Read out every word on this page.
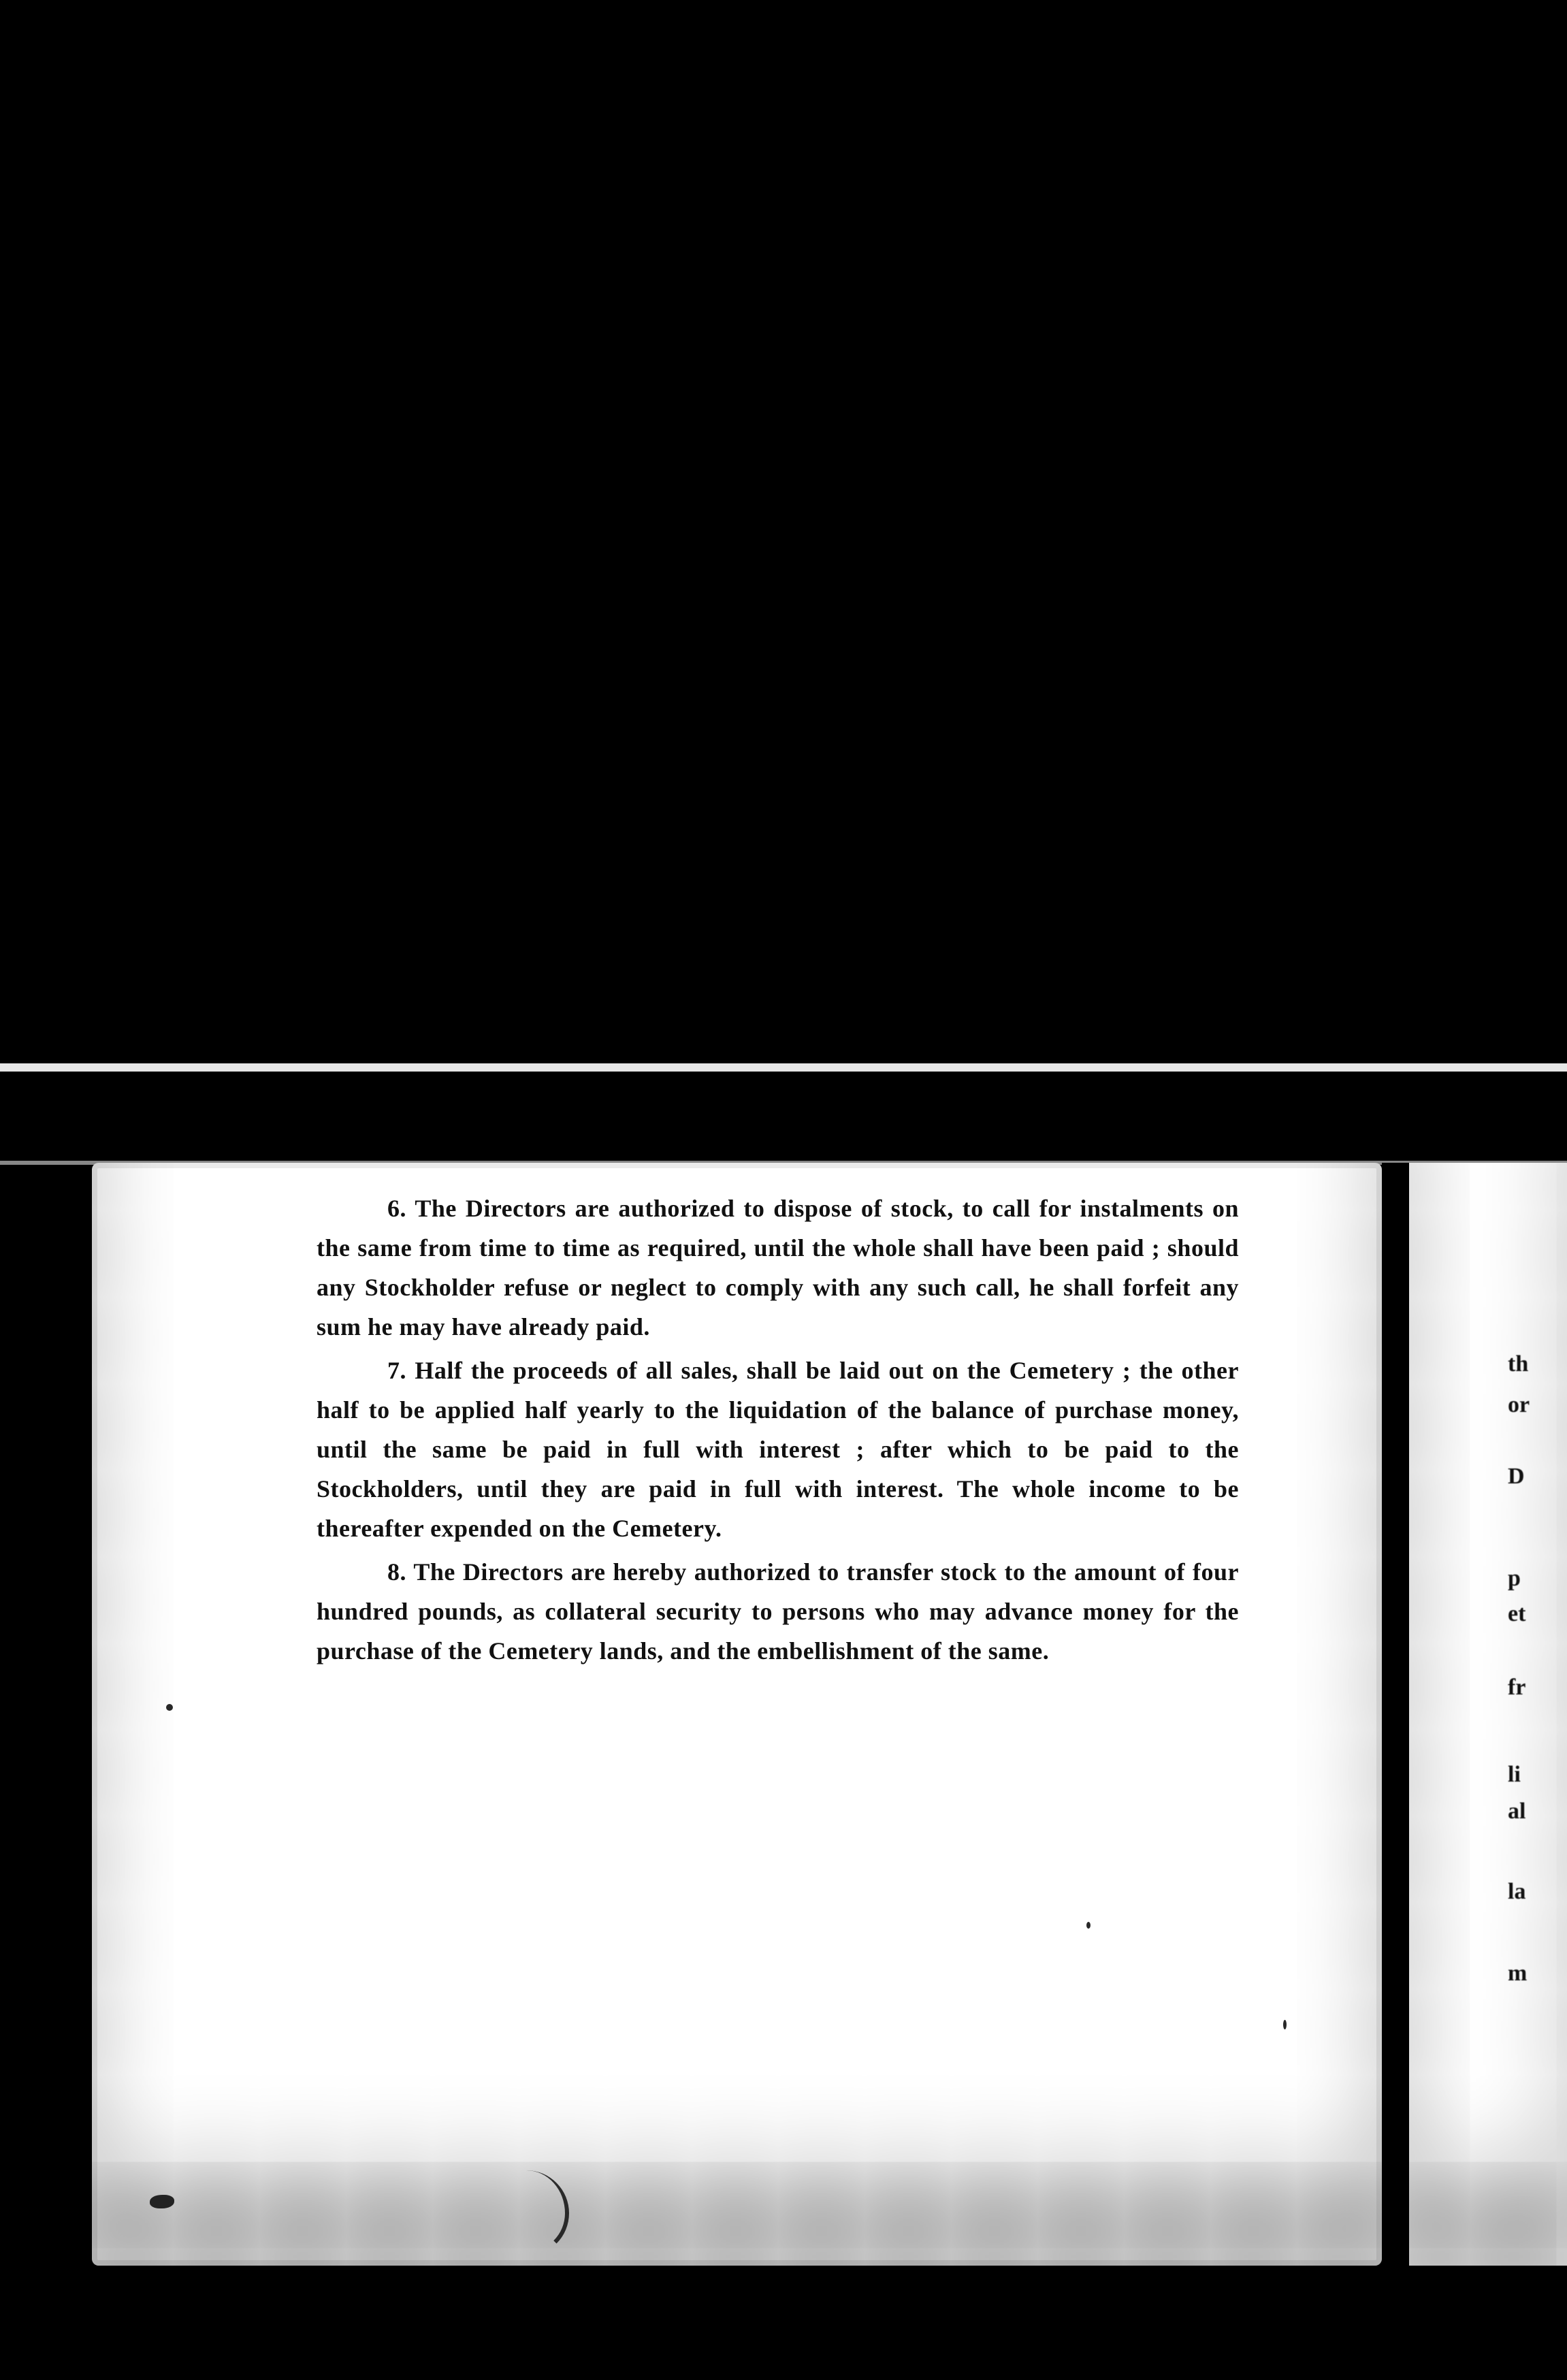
6. The Directors are authorized to dispose of stock, to call for instalments on the same from time to time as required, until the whole shall have been paid ; should any Stockholder refuse or neglect to comply with any such call, he shall forfeit any sum he may have already paid.

7. Half the proceeds of all sales, shall be laid out on the Cemetery ; the other half to be applied half yearly to the liquidation of the balance of purchase money, until the same be paid in full with interest ; after which to be paid to the Stockholders, until they are paid in full with interest. The whole income to be thereafter expended on the Cemetery.

8. The Directors are hereby authorized to transfer stock to the amount of four hundred pounds, as collateral security to persons who may advance money for the purchase of the Cemetery lands, and the embellishment of the same.

th
or
D
p
et
fr
li
al
la
m
